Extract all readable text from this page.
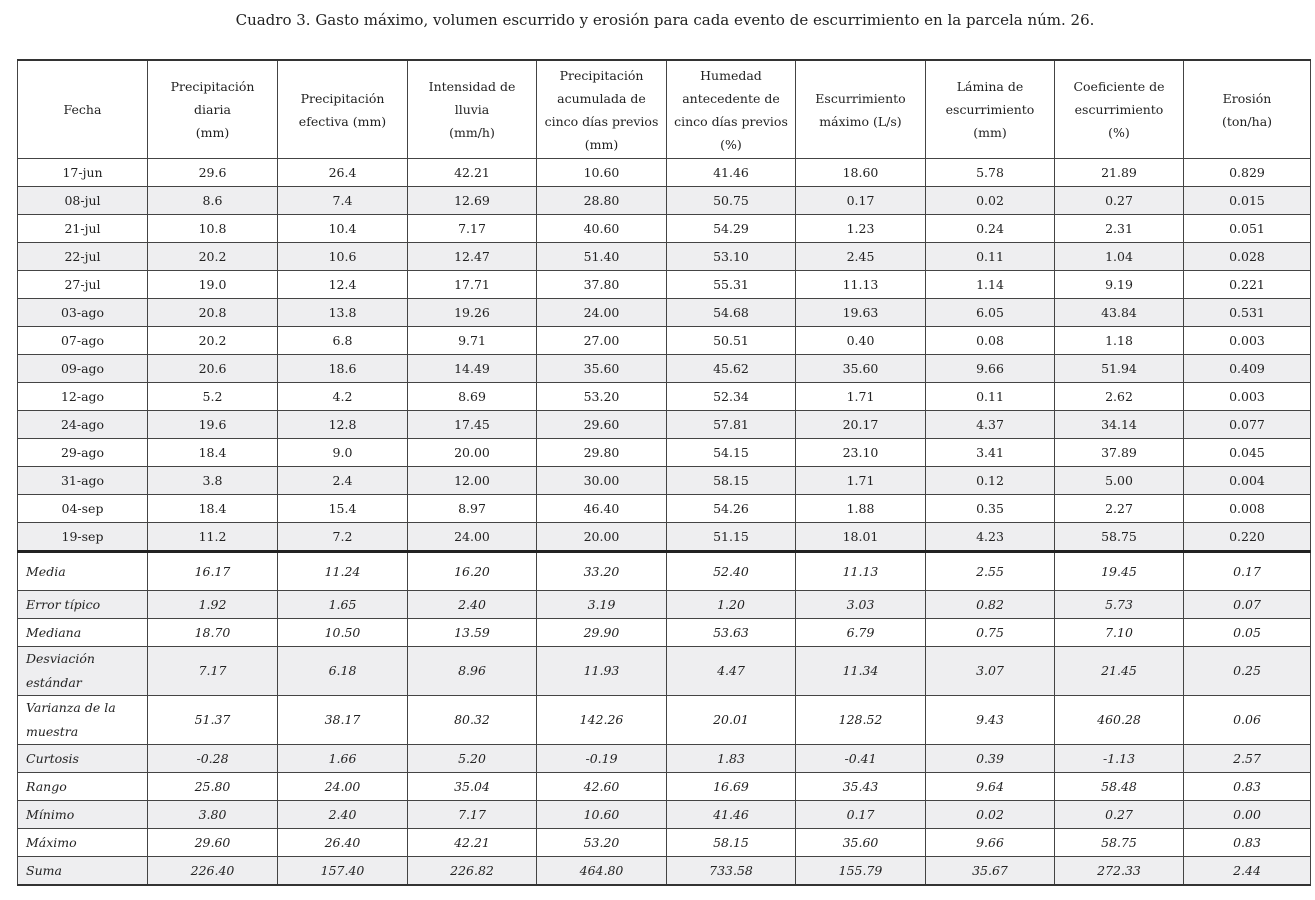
Cuadro 3. Gasto máximo, volumen escurrido y erosión para cada evento de escurrimiento en la parcela núm. 26.
Fecha	Precipitación
diaria
(mm)	Precipitación
efectiva (mm)	Intensidad de
lluvia
(mm/h)	Precipitación
acumulada de
cinco días previos
(mm)	Humedad
antecedente de
cinco días previos
(%)	Escurrimiento
máximo (L/s)	Lámina de
escurrimiento
(mm)	Coeficiente de
escurrimiento
(%)	Erosión
(ton/ha)
17-jun	29.6	26.4	42.21	10.60	41.46	18.60	5.78	21.89	0.829
08-jul	8.6	7.4	12.69	28.80	50.75	0.17	0.02	0.27	0.015
21-jul	10.8	10.4	7.17	40.60	54.29	1.23	0.24	2.31	0.051
22-jul	20.2	10.6	12.47	51.40	53.10	2.45	0.11	1.04	0.028
27-jul	19.0	12.4	17.71	37.80	55.31	11.13	1.14	9.19	0.221
03-ago	20.8	13.8	19.26	24.00	54.68	19.63	6.05	43.84	0.531
07-ago	20.2	6.8	9.71	27.00	50.51	0.40	0.08	1.18	0.003
09-ago	20.6	18.6	14.49	35.60	45.62	35.60	9.66	51.94	0.409
12-ago	5.2	4.2	8.69	53.20	52.34	1.71	0.11	2.62	0.003
24-ago	19.6	12.8	17.45	29.60	57.81	20.17	4.37	34.14	0.077
29-ago	18.4	9.0	20.00	29.80	54.15	23.10	3.41	37.89	0.045
31-ago	3.8	2.4	12.00	30.00	58.15	1.71	0.12	5.00	0.004
04-sep	18.4	15.4	8.97	46.40	54.26	1.88	0.35	2.27	0.008
19-sep	11.2	7.2	24.00	20.00	51.15	18.01	4.23	58.75	0.220
Media	16.17	11.24	16.20	33.20	52.40	11.13	2.55	19.45	0.17
Error típico	1.92	1.65	2.40	3.19	1.20	3.03	0.82	5.73	0.07
Mediana	18.70	10.50	13.59	29.90	53.63	6.79	0.75	7.10	0.05
Desviación estándar	7.17	6.18	8.96	11.93	4.47	11.34	3.07	21.45	0.25
Varianza de la muestra	51.37	38.17	80.32	142.26	20.01	128.52	9.43	460.28	0.06
Curtosis	-0.28	1.66	5.20	-0.19	1.83	-0.41	0.39	-1.13	2.57
Rango	25.80	24.00	35.04	42.60	16.69	35.43	9.64	58.48	0.83
Mínimo	3.80	2.40	7.17	10.60	41.46	0.17	0.02	0.27	0.00
Máximo	29.60	26.40	42.21	53.20	58.15	35.60	9.66	58.75	0.83
Suma	226.40	157.40	226.82	464.80	733.58	155.79	35.67	272.33	2.44
